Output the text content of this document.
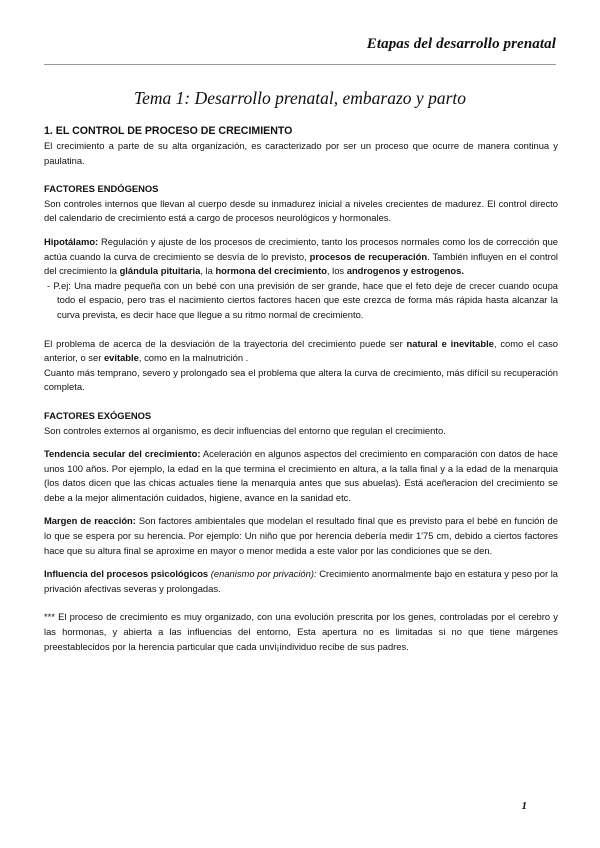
Etapas del desarrollo prenatal
Tema 1: Desarrollo prenatal, embarazo y parto

1. EL CONTROL DE PROCESO DE CRECIMIENTO

El crecimiento a parte de su alta organización, es caracterizado por ser un proceso que ocurre de manera continua y paulatina.

FACTORES ENDÓGENOS

Son controles internos que llevan al cuerpo desde su inmadurez inicial a niveles crecientes de madurez. El control directo del calendario de crecimiento está a cargo de procesos neurológicos y hormonales.

Hipotálamo: Regulación y ajuste de los procesos de crecimiento, tanto los procesos normales como los de corrección que actúa cuando la curva de crecimiento se desvía de lo previsto, procesos de recuperación. También influyen en el control del crecimiento la glándula pituitaria, la hormona del crecimiento, los androgenos y estrogenos.

- P.ej: Una madre pequeña con un bebé con una previsión de ser grande, hace que el feto deje de crecer cuando ocupa todo el espacio, pero tras el nacimiento ciertos factores hacen que este crezca de forma más rápida hasta alcanzar la curva prevista, es decir hace que llegue a su ritmo normal de crecimiento.

El problema de acerca de la desviación de la trayectoria del crecimiento puede ser natural e inevitable, como el caso anterior, o ser evitable, como en la malnutrición .

Cuanto más temprano, severo y prolongado sea el problema que altera la curva de crecimiento, más difícil su recuperación completa.

FACTORES EXÓGENOS

Son controles externos al organismo, es decir influencias del entorno que regulan el crecimiento.

Tendencia secular del crecimiento: Aceleración en algunos aspectos del crecimiento en comparación con datos de hace unos 100 años. Por ejemplo, la edad en la que termina el crecimiento en altura, a la talla final y a la edad de la menarquia (los datos dicen que las chicas actuales tiene la menarquia antes que sus abuelas). Está aceñeracion del crecimiento se debe a la mejor alimentación cuidados, higiene, avance en la sanidad etc.

Margen de reacción: Son factores ambientales que modelan el resultado final que es previsto para el bebé en función de lo que se espera por su herencia. Por ejemplo: Un niño que por herencia debería medir 1'75 cm, debido a ciertos factores hace que su altura final se aproxime en mayor o menor medida a este valor por las condiciones que se den.

Influencia del procesos psicológicos (enanismo por privación): Crecimiento anormalmente bajo en estatura y peso por la privación afectivas severas y prolongadas.

*** El proceso de crecimiento es muy organizado, con una evolución prescrita por los genes, controladas por el cerebro y las hormonas, y abierta a las influencias del entorno, Esta apertura no es limitadas si no que tiene márgenes preestablecidos por la herencia particular que cada unvi¡individuo recibe de sus padres.

1
